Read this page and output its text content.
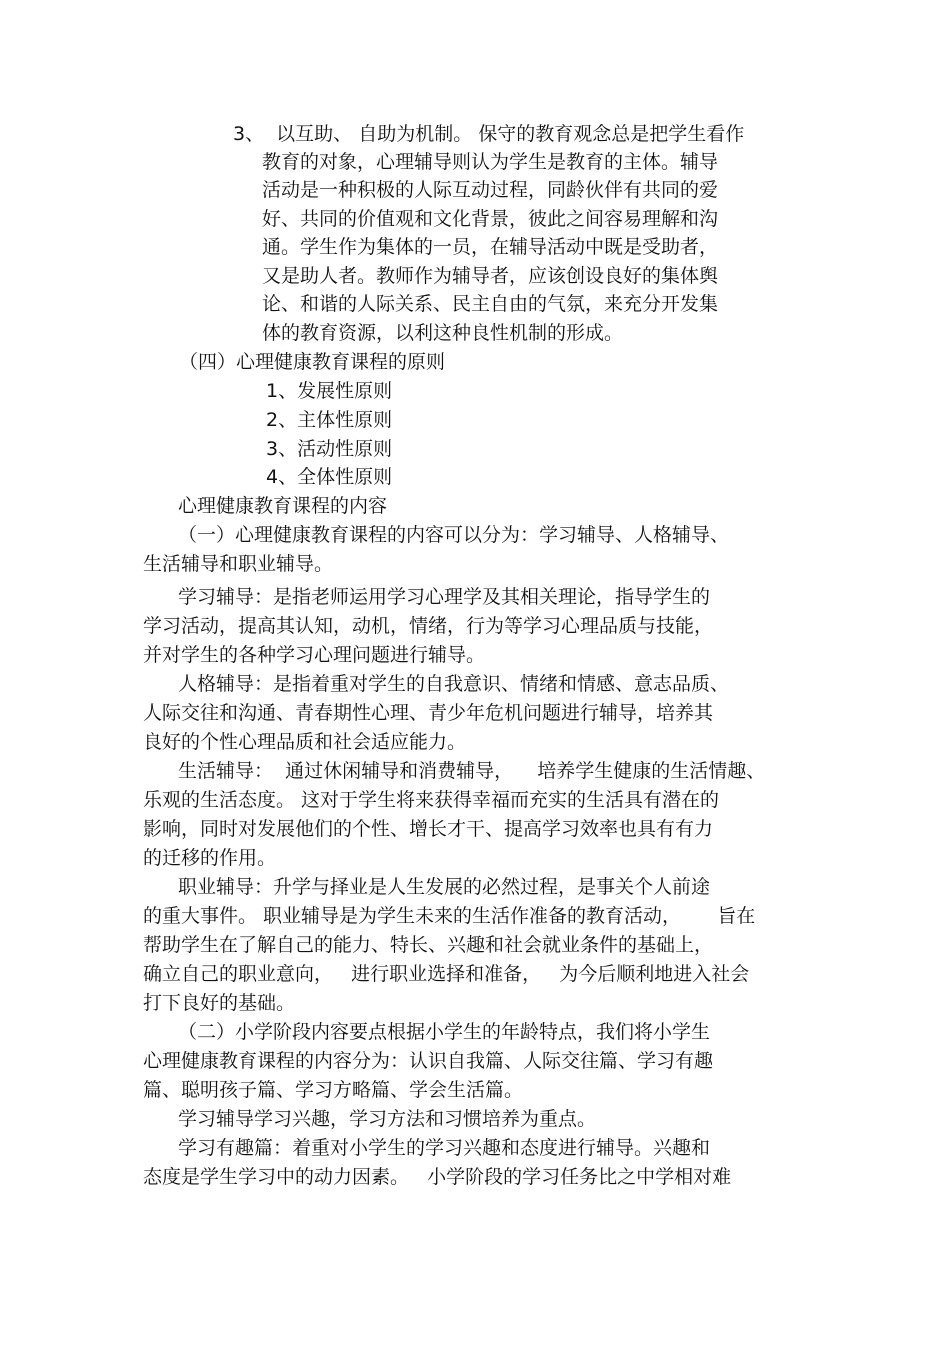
3、  以互助、 自助为机制。 保守的教育观念总是把学生看作
教育的对象，心理辅导则认为学生是教育的主体。辅导
活动是一种积极的人际互动过程，同龄伙伴有共同的爱
好、共同的价值观和文化背景，彼此之间容易理解和沟
通。学生作为集体的一员，在辅导活动中既是受助者，
又是助人者。教师作为辅导者，应该创设良好的集体舆
论、和谐的人际关系、民主自由的气氛，来充分开发集
体的教育资源，以利这种良性机制的形成。
（四）心理健康教育课程的原则
1、发展性原则
2、主体性原则
3、活动性原则
4、全体性原则
心理健康教育课程的内容
（一）心理健康教育课程的内容可以分为：学习辅导、人格辅导、
生活辅导和职业辅导。
学习辅导：是指老师运用学习心理学及其相关理论，指导学生的
学习活动，提高其认知，动机，情绪，行为等学习心理品质与技能，
并对学生的各种学习心理问题进行辅导。
人格辅导：是指着重对学生的自我意识、情绪和情感、意志品质、
人际交往和沟通、青春期性心理、青少年危机问题进行辅导，培养其
良好的个性心理品质和社会适应能力。
生活辅导：  通过休闲辅导和消费辅导，    培养学生健康的生活情趣、
乐观的生活态度。 这对于学生将来获得幸福而充实的生活具有潜在的
影响，同时对发展他们的个性、增长才干、提高学习效率也具有有力
的迁移的作用。
职业辅导：升学与择业是人生发展的必然过程，是事关个人前途
的重大事件。 职业辅导是为学生未来的生活作准备的教育活动，      旨在
帮助学生在了解自己的能力、特长、兴趣和社会就业条件的基础上，
确立自己的职业意向，   进行职业选择和准备，   为今后顺利地进入社会
打下良好的基础。
（二）小学阶段内容要点根据小学生的年龄特点，我们将小学生
心理健康教育课程的内容分为：认识自我篇、人际交往篇、学习有趣
篇、聪明孩子篇、学习方略篇、学会生活篇。
学习辅导学习兴趣，学习方法和习惯培养为重点。
学习有趣篇：着重对小学生的学习兴趣和态度进行辅导。兴趣和
态度是学生学习中的动力因素。   小学阶段的学习任务比之中学相对难
